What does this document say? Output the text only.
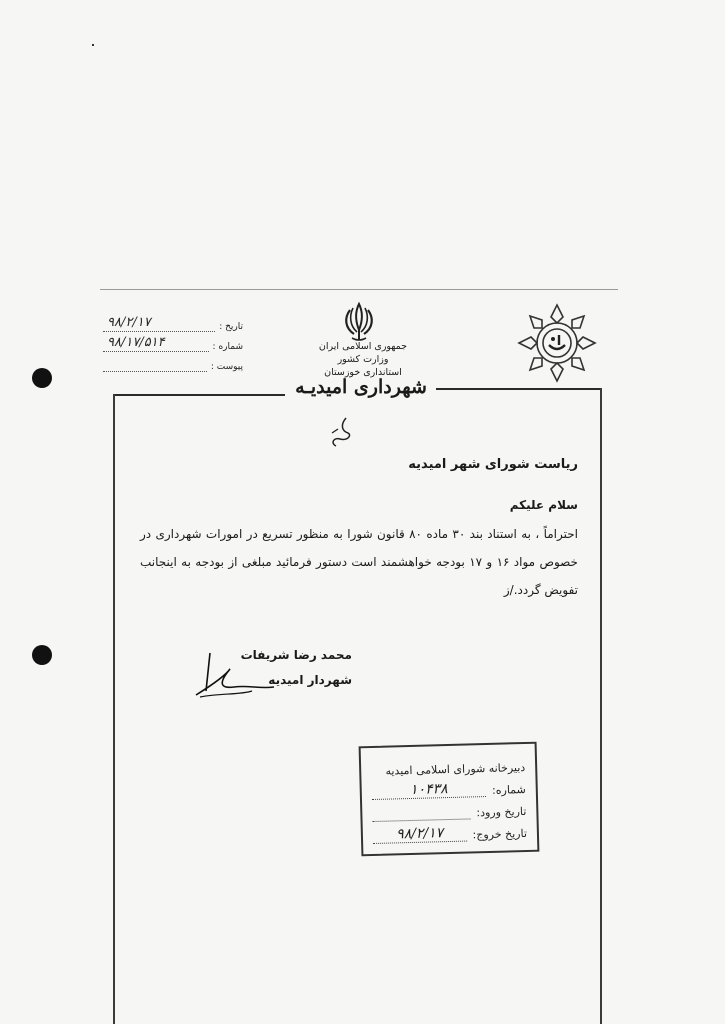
تاریخ :
۹۸/۲/۱۷
شماره :
۹۸/۱۷/۵۱۴
پیوست :
جمهوری اسلامی ایران
وزارت کشور
استانداری خوزستان
شهرداری امیدیـه
ریاست شورای شهر امیدیه
سلام علیکم
احتراماً ، به استناد بند ۳۰ ماده ۸۰ قانون شورا به منظور تسریع در امورات شهرداری در خصوص مواد ۱۶ و ۱۷ بودجه خواهشمند است دستور فرمائید مبلغی از بودجه به اینجانب تفویض گردد./ز
محمد رضا شریفات
شهردار امیدیه
دبیرخانه شورای اسلامی امیدیه
شماره:
۱۰۴۳۸
تاریخ ورود:
تاریخ خروج:
۹۸/۲/۱۷
